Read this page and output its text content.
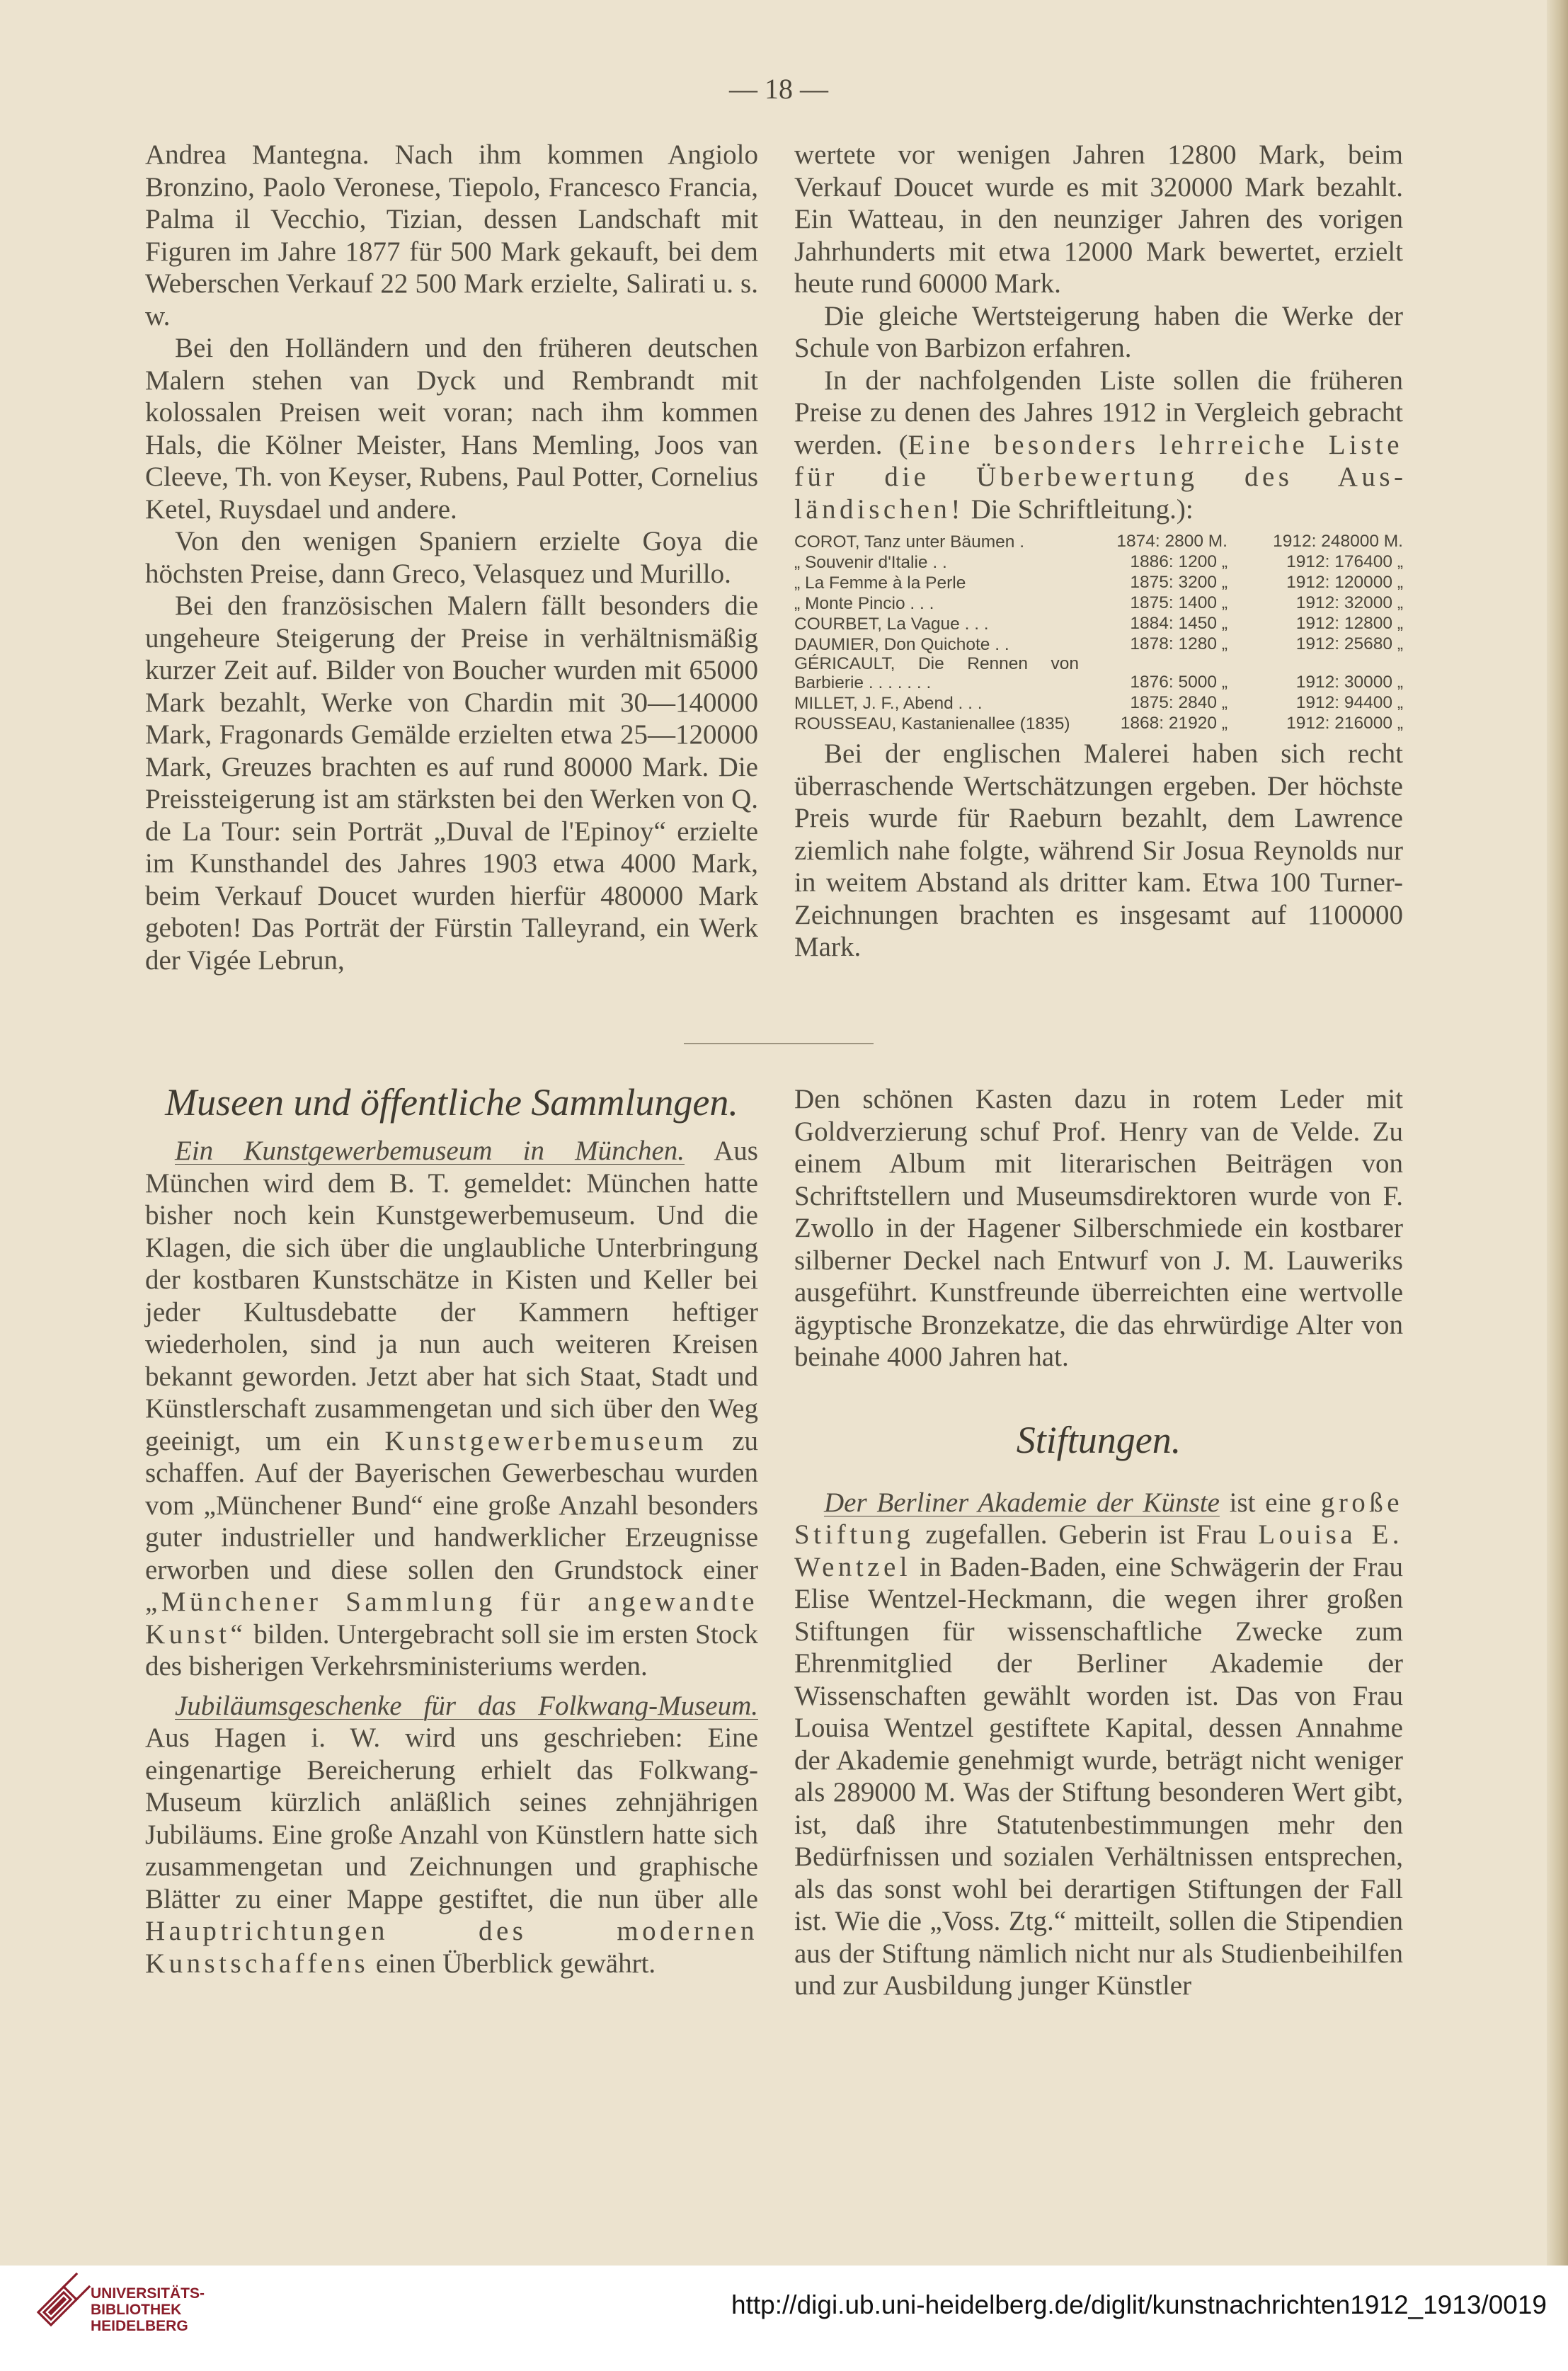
— 18 —

Andrea Mantegna. Nach ihm kommen Angiolo Bronzino, Paolo Veronese, Tiepolo, Francesco Francia, Palma il Vecchio, Tizian, dessen Landschaft mit Figuren im Jahre 1877 für 500 Mark gekauft, bei dem Weberschen Verkauf 22 500 Mark erzielte, Salirati u. s. w.

Bei den Holländern und den früheren deutschen Malern stehen van Dyck und Rembrandt mit kolossalen Preisen weit voran; nach ihm kommen Hals, die Kölner Meister, Hans Memling, Joos van Cleeve, Th. von Keyser, Rubens, Paul Potter, Cornelius Ketel, Ruysdael und andere.

Von den wenigen Spaniern erzielte Goya die höchsten Preise, dann Greco, Velasquez und Murillo.

Bei den französischen Malern fällt besonders die ungeheure Steigerung der Preise in verhältnismäßig kurzer Zeit auf. Bilder von Boucher wurden mit 65000 Mark bezahlt, Werke von Chardin mit 30—140000 Mark, Fragonards Gemälde erzielten etwa 25—120000 Mark, Greuzes brachten es auf rund 80000 Mark. Die Preissteigerung ist am stärksten bei den Werken von Q. de La Tour: sein Porträt „Duval de l'Epinoy“ erzielte im Kunsthandel des Jahres 1903 etwa 4000 Mark, beim Verkauf Doucet wurden hierfür 480000 Mark geboten! Das Porträt der Fürstin Talleyrand, ein Werk der Vigée Lebrun,

wertete vor wenigen Jahren 12800 Mark, beim Verkauf Doucet wurde es mit 320000 Mark bezahlt. Ein Watteau, in den neunziger Jahren des vorigen Jahrhunderts mit etwa 12000 Mark bewertet, erzielt heute rund 60000 Mark.

Die gleiche Wertsteigerung haben die Werke der Schule von Barbizon erfahren.

In der nachfolgenden Liste sollen die früheren Preise zu denen des Jahres 1912 in Vergleich gebracht werden. (Eine besonders lehrreiche Liste für die Überbewertung des Ausländischen! Die Schriftleitung.):

COROT, Tanz unter Bäumen .	1874: 2800 M.	1912: 248000 M.
„ Souvenir d'Italie . .	1886: 1200 „	1912: 176400 „
„ La Femme à la Perle	1875: 3200 „	1912: 120000 „
„ Monte Pincio . . .	1875: 1400 „	1912: 32000 „
COURBET, La Vague . . .	1884: 1450 „	1912: 12800 „
DAUMIER, Don Quichote . .	1878: 1280 „	1912: 25680 „
GÉRICAULT, Die Rennen von Barbierie . . . . . . .	1876: 5000 „	1912: 30000 „
MILLET, J. F., Abend . . .	1875: 2840 „	1912: 94400 „
ROUSSEAU, Kastanienallee (1835)	1868: 21920 „	1912: 216000 „

Bei der englischen Malerei haben sich recht überraschende Wertschätzungen ergeben. Der höchste Preis wurde für Raeburn bezahlt, dem Lawrence ziemlich nahe folgte, während Sir Josua Reynolds nur in weitem Abstand als dritter kam. Etwa 100 Turner-Zeichnungen brachten es insgesamt auf 1100000 Mark.

Museen und öffentliche Sammlungen.

Ein Kunstgewerbemuseum in München. Aus München wird dem B. T. gemeldet: München hatte bisher noch kein Kunstgewerbemuseum. Und die Klagen, die sich über die unglaubliche Unterbringung der kostbaren Kunstschätze in Kisten und Keller bei jeder Kultusdebatte der Kammern heftiger wiederholen, sind ja nun auch weiteren Kreisen bekannt geworden. Jetzt aber hat sich Staat, Stadt und Künstlerschaft zusammengetan und sich über den Weg geeinigt, um ein Kunstgewerbemuseum zu schaffen. Auf der Bayerischen Gewerbeschau wurden vom „Münchener Bund“ eine große Anzahl besonders guter industrieller und handwerklicher Erzeugnisse erworben und diese sollen den Grundstock einer „Münchener Sammlung für angewandte Kunst“ bilden. Untergebracht soll sie im ersten Stock des bisherigen Verkehrsministeriums werden.

Jubiläumsgeschenke für das Folkwang-Museum. Aus Hagen i. W. wird uns geschrieben: Eine eingenartige Bereicherung erhielt das Folkwang-Museum kürzlich anläßlich seines zehnjährigen Jubiläums. Eine große Anzahl von Künstlern hatte sich zusammengetan und Zeichnungen und graphische Blätter zu einer Mappe gestiftet, die nun über alle Hauptrichtungen des modernen Kunstschaffens einen Überblick gewährt.

Den schönen Kasten dazu in rotem Leder mit Goldverzierung schuf Prof. Henry van de Velde. Zu einem Album mit literarischen Beiträgen von Schriftstellern und Museumsdirektoren wurde von F. Zwollo in der Hagener Silberschmiede ein kostbarer silberner Deckel nach Entwurf von J. M. Lauweriks ausgeführt. Kunstfreunde überreichten eine wertvolle ägyptische Bronzekatze, die das ehrwürdige Alter von beinahe 4000 Jahren hat.

Stiftungen.

Der Berliner Akademie der Künste ist eine große Stiftung zugefallen. Geberin ist Frau Louisa E. Wentzel in Baden-Baden, eine Schwägerin der Frau Elise Wentzel-Heckmann, die wegen ihrer großen Stiftungen für wissenschaftliche Zwecke zum Ehrenmitglied der Berliner Akademie der Wissenschaften gewählt worden ist. Das von Frau Louisa Wentzel gestiftete Kapital, dessen Annahme der Akademie genehmigt wurde, beträgt nicht weniger als 289000 M. Was der Stiftung besonderen Wert gibt, ist, daß ihre Statutenbestimmungen mehr den Bedürfnissen und sozialen Verhältnissen entsprechen, als das sonst wohl bei derartigen Stiftungen der Fall ist. Wie die „Voss. Ztg.“ mitteilt, sollen die Stipendien aus der Stiftung nämlich nicht nur als Studienbeihilfen und zur Ausbildung junger Künstler

UNIVERSITÄTS-
BIBLIOTHEK
HEIDELBERG
http://digi.ub.uni-heidelberg.de/diglit/kunstnachrichten1912_1913/0019
